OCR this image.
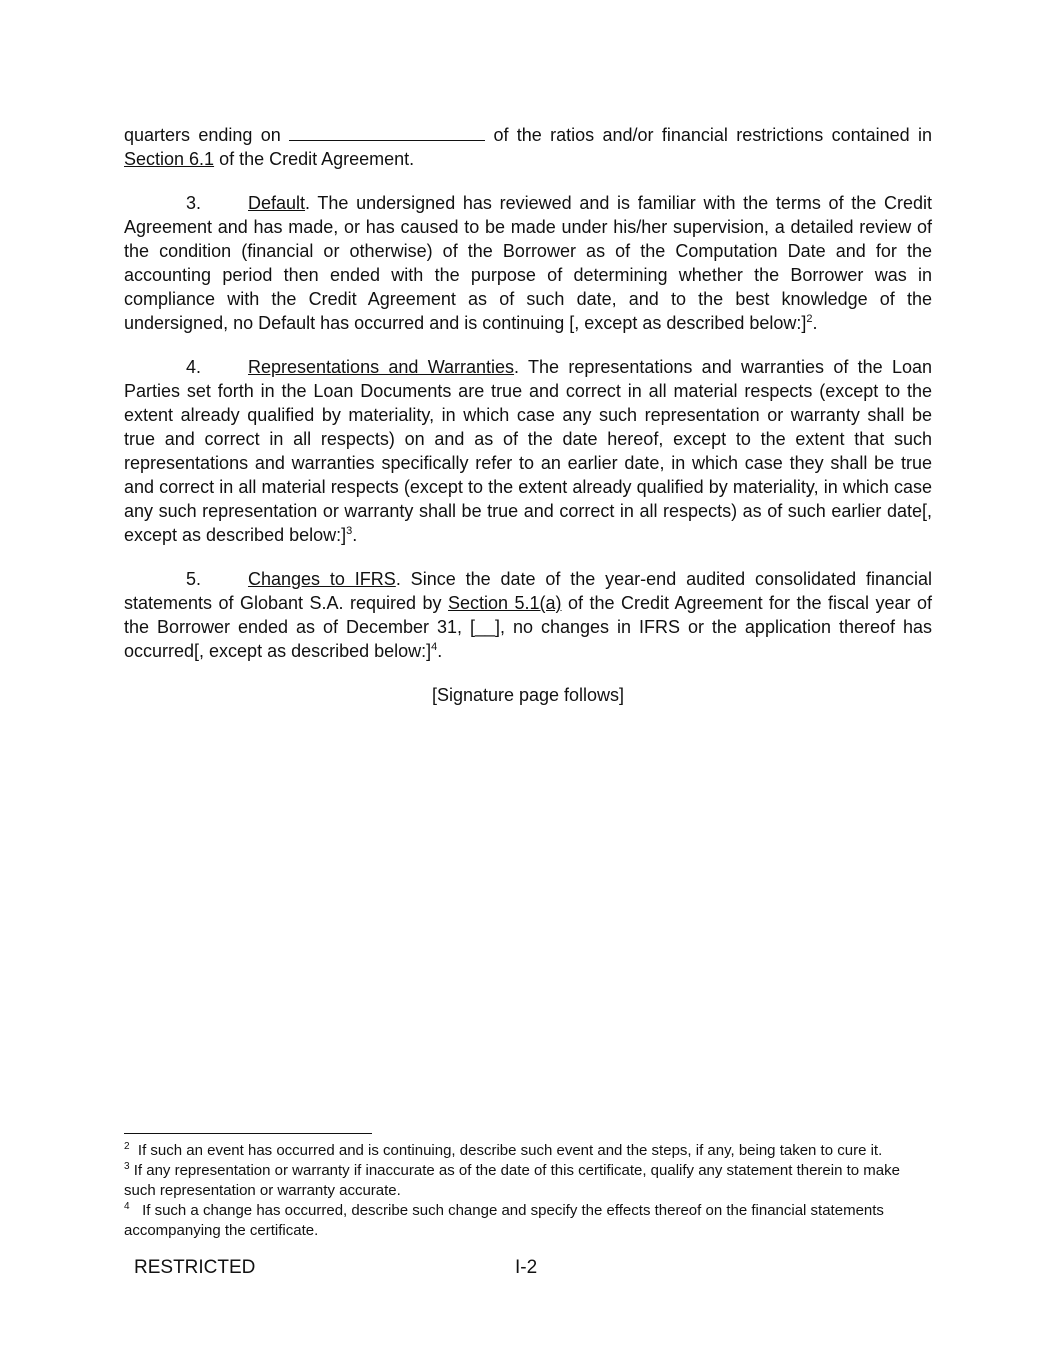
quarters ending on	of the ratios and/or financial restrictions contained in Section 6.1 of the Credit Agreement.

3.	Default. The undersigned has reviewed and is familiar with the terms of the Credit Agreement and has made, or has caused to be made under his/her supervision, a detailed review of the condition (financial or otherwise) of the Borrower as of the Computation Date and for the accounting period then ended with the purpose of determining whether the Borrower was in compliance with the Credit Agreement as of such date, and to the best knowledge of the undersigned, no Default has occurred and is continuing [, except as described below:]$^2$.

4.	Representations and Warranties. The representations and warranties of the Loan Parties set forth in the Loan Documents are true and correct in all material respects (except to the extent already qualified by materiality, in which case any such representation or warranty shall be true and correct in all respects) on and as of the date hereof, except to the extent that such representations and warranties specifically refer to an earlier date, in which case they shall be true and correct in all material respects (except to the extent already qualified by materiality, in which case any such representation or warranty shall be true and correct in all respects) as of such earlier date[, except as described below:]$^3$.

5.	Changes to IFRS. Since the date of the year-end audited consolidated financial statements of Globant S.A. required by Section 5.1(a) of the Credit Agreement for the fiscal year of the Borrower ended as of December 31, [__], no changes in IFRS or the application thereof has occurred[, except as described below:]$^4$.

[Signature page follows]

$^2$ If such an event has occurred and is continuing, describe such event and the steps, if any, being taken to cure it.

$^3$ If any representation or warranty if inaccurate as of the date of this certificate, qualify any statement therein to make such representation or warranty accurate.

$^4$ If such a change has occurred, describe such change and specify the effects thereof on the financial statements accompanying the certificate.

RESTRICTED	I-2
